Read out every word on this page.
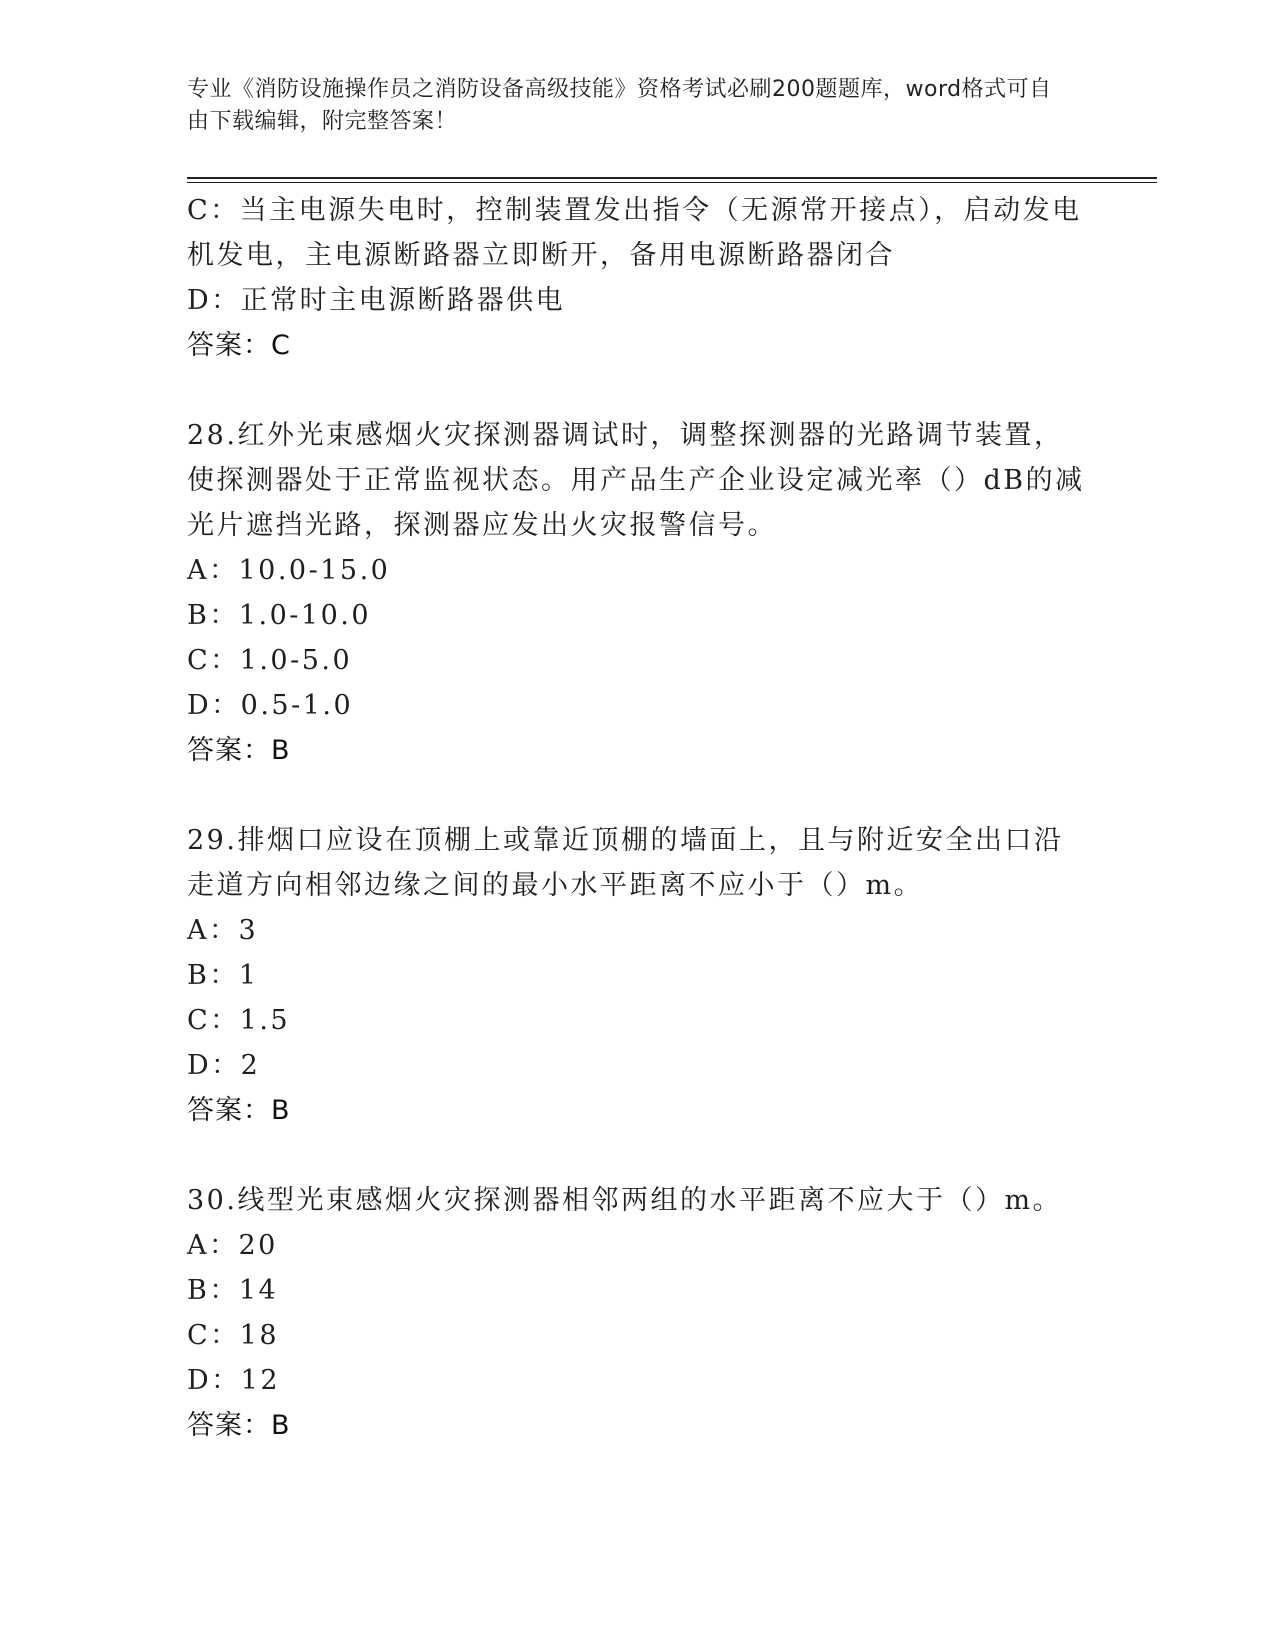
专业《消防设施操作员之消防设备高级技能》资格考试必刷200题题库，word格式可自由下载编辑，附完整答案！
C：当主电源失电时，控制装置发出指令（无源常开接点），启动发电机发电，主电源断路器立即断开，备用电源断路器闭合
D：正常时主电源断路器供电
答案：C
28.红外光束感烟火灾探测器调试时，调整探测器的光路调节装置，使探测器处于正常监视状态。用产品生产企业设定减光率（）dB的减光片遮挡光路，探测器应发出火灾报警信号。
A：10.0-15.0
B：1.0-10.0
C：1.0-5.0
D：0.5-1.0
答案：B
29.排烟口应设在顶棚上或靠近顶棚的墙面上，且与附近安全出口沿走道方向相邻边缘之间的最小水平距离不应小于（）m。
A：3
B：1
C：1.5
D：2
答案：B
30.线型光束感烟火灾探测器相邻两组的水平距离不应大于（）m。
A：20
B：14
C：18
D：12
答案：B
